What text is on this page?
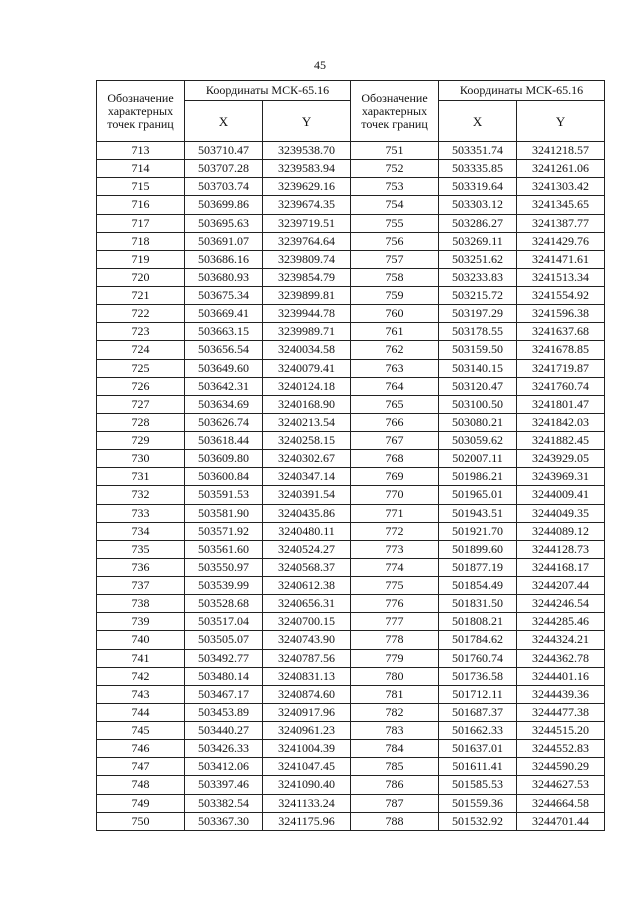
45
Обозначение
характерных
точек границ	Координаты МСК-65.16		Обозначение
характерных
точек границ	Координаты МСК-65.16	
	X	Y		X	Y
713	503710.47	3239538.70	751	503351.74	3241218.57
714	503707.28	3239583.94	752	503335.85	3241261.06
715	503703.74	3239629.16	753	503319.64	3241303.42
716	503699.86	3239674.35	754	503303.12	3241345.65
717	503695.63	3239719.51	755	503286.27	3241387.77
718	503691.07	3239764.64	756	503269.11	3241429.76
719	503686.16	3239809.74	757	503251.62	3241471.61
720	503680.93	3239854.79	758	503233.83	3241513.34
721	503675.34	3239899.81	759	503215.72	3241554.92
722	503669.41	3239944.78	760	503197.29	3241596.38
723	503663.15	3239989.71	761	503178.55	3241637.68
724	503656.54	3240034.58	762	503159.50	3241678.85
725	503649.60	3240079.41	763	503140.15	3241719.87
726	503642.31	3240124.18	764	503120.47	3241760.74
727	503634.69	3240168.90	765	503100.50	3241801.47
728	503626.74	3240213.54	766	503080.21	3241842.03
729	503618.44	3240258.15	767	503059.62	3241882.45
730	503609.80	3240302.67	768	502007.11	3243929.05
731	503600.84	3240347.14	769	501986.21	3243969.31
732	503591.53	3240391.54	770	501965.01	3244009.41
733	503581.90	3240435.86	771	501943.51	3244049.35
734	503571.92	3240480.11	772	501921.70	3244089.12
735	503561.60	3240524.27	773	501899.60	3244128.73
736	503550.97	3240568.37	774	501877.19	3244168.17
737	503539.99	3240612.38	775	501854.49	3244207.44
738	503528.68	3240656.31	776	501831.50	3244246.54
739	503517.04	3240700.15	777	501808.21	3244285.46
740	503505.07	3240743.90	778	501784.62	3244324.21
741	503492.77	3240787.56	779	501760.74	3244362.78
742	503480.14	3240831.13	780	501736.58	3244401.16
743	503467.17	3240874.60	781	501712.11	3244439.36
744	503453.89	3240917.96	782	501687.37	3244477.38
745	503440.27	3240961.23	783	501662.33	3244515.20
746	503426.33	3241004.39	784	501637.01	3244552.83
747	503412.06	3241047.45	785	501611.41	3244590.29
748	503397.46	3241090.40	786	501585.53	3244627.53
749	503382.54	3241133.24	787	501559.36	3244664.58
750	503367.30	3241175.96	788	501532.92	3244701.44
